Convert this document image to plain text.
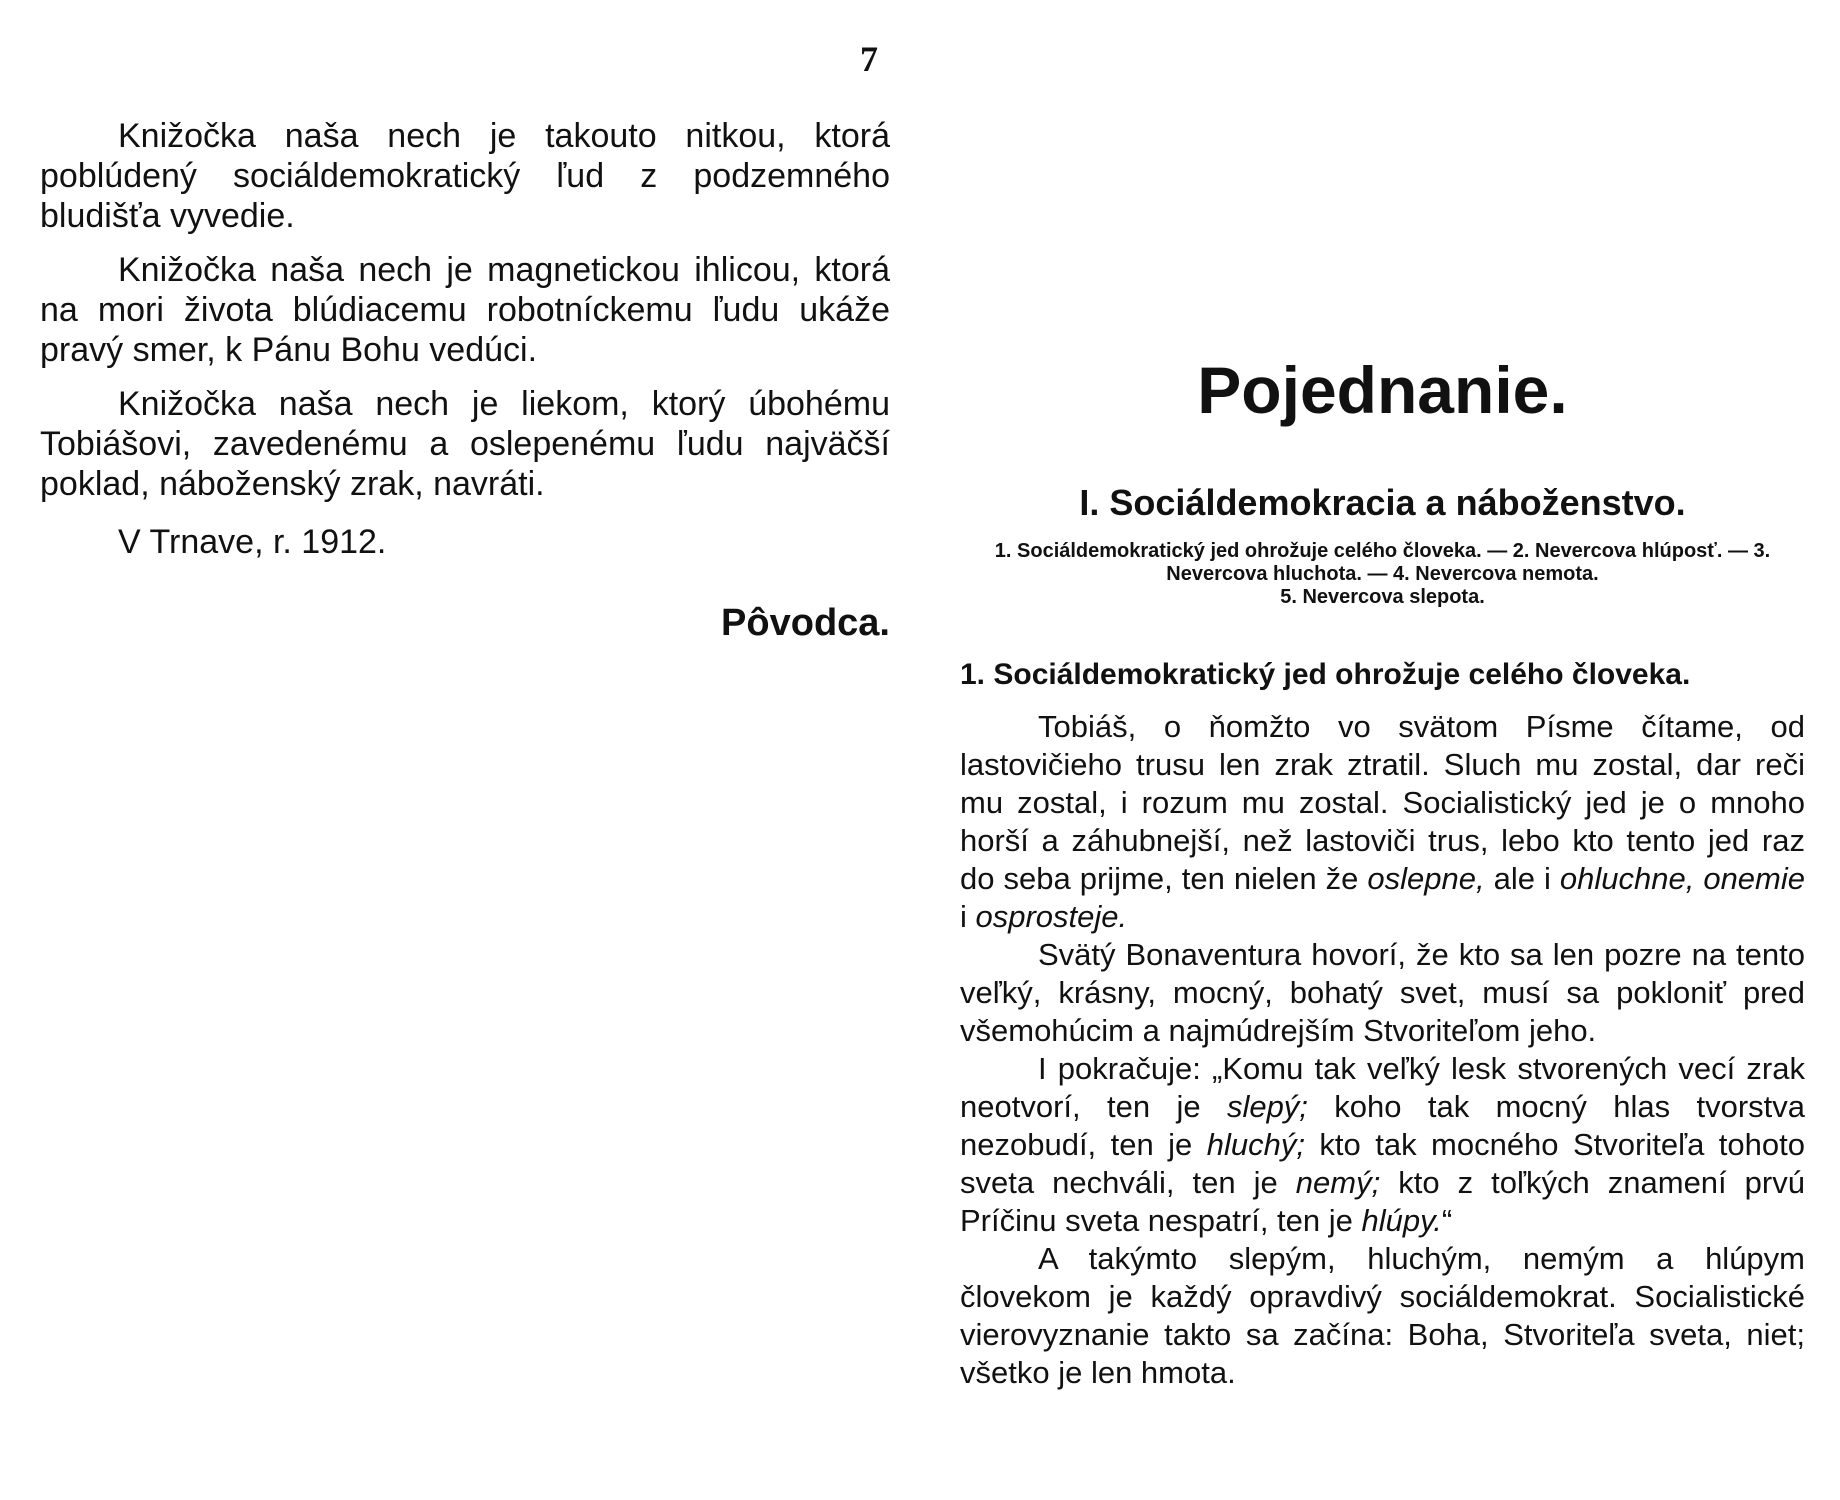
7

Knižočka naša nech je takouto nitkou, ktorá poblúdený sociáldemokratický ľud z podzemného bludišťa vyvedie.

Knižočka naša nech je magnetickou ihlicou, ktorá na mori života blúdiacemu robotníckemu ľudu ukáže pravý smer, k Pánu Bohu vedúci.

Knižočka naša nech je liekom, ktorý úbohému Tobiášovi, zavedenému a oslepenému ľudu najväčší poklad, náboženský zrak, navráti.

V Trnave, r. 1912.
Pôvodca.
Pojednanie.
I. Sociáldemokracia a náboženstvo.
1. Sociáldemokratický jed ohrožuje celého človeka. — 2. Nevercova hlúposť. — 3. Nevercova hluchota. — 4. Nevercova nemota.
5. Nevercova slepota.
1. Sociáldemokratický jed ohrožuje celého človeka.

Tobiáš, o ňomžto vo svätom Písme čítame, od lastovičieho trusu len zrak ztratil. Sluch mu zostal, dar reči mu zostal, i rozum mu zostal. Socialistický jed je o mnoho horší a záhubnejší, než lastoviči trus, lebo kto tento jed raz do seba prijme, ten nielen že oslepne, ale i ohluchne, onemie i osprosteje.

Svätý Bonaventura hovorí, že kto sa len pozre na tento veľký, krásny, mocný, bohatý svet, musí sa pokloniť pred všemohúcim a najmúdrejším Stvoriteľom jeho.

I pokračuje: „Komu tak veľký lesk stvorených vecí zrak neotvorí, ten je slepý; koho tak mocný hlas tvorstva nezobudí, ten je hluchý; kto tak mocného Stvoriteľa tohoto sveta nechváli, ten je nemý; kto z toľkých znamení prvú Príčinu sveta nespatrí, ten je hlúpy.“

A takýmto slepým, hluchým, nemým a hlúpym človekom je každý opravdivý sociáldemokrat. Socialistické vierovyznanie takto sa začína: Boha, Stvoriteľa sveta, niet; všetko je len hmota.
